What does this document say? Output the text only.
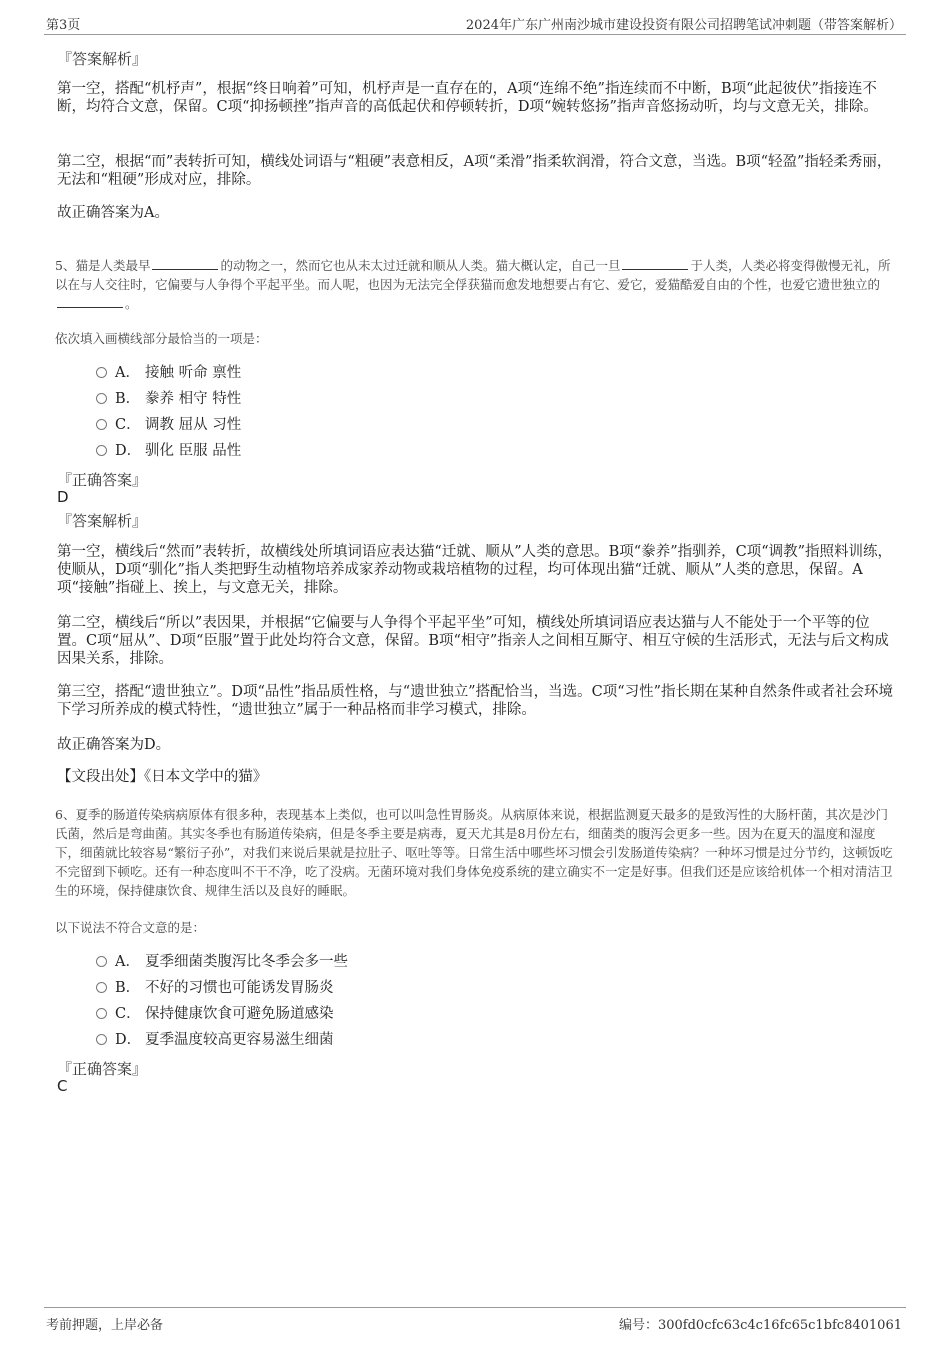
第3页	2024年广东广州南沙城市建设投资有限公司招聘笔试冲刺题（带答案解析）
『答案解析』

第一空，搭配“机杼声”，根据“终日响着”可知，机杼声是一直存在的，A项“连绵不绝”指连续而不中断，B项“此起彼伏”指接连不断，均符合文意，保留。C项“抑扬顿挫”指声音的高低起伏和停顿转折，D项“婉转悠扬”指声音悠扬动听，均与文意无关，排除。

第二空，根据“而”表转折可知，横线处词语与“粗硬”表意相反，A项“柔滑”指柔软润滑，符合文意，当选。B项“轻盈”指轻柔秀丽，无法和“粗硬”形成对应，排除。

故正确答案为A。

5、猫是人类最早	的动物之一，然而它也从未太过迁就和顺从人类。猫大概认定，自己一旦	于人类，人类必将变得傲慢无礼，所以在与人交往时，它偏要与人争得个平起平坐。而人呢，也因为无法完全俘获猫而愈发地想要占有它、爱它，爱猫酷爱自由的个性，也爱它遗世独立的。

依次填入画横线部分最恰当的一项是：

A． 接触 听命 禀性
B． 豢养 相守 特性
C． 调教 屈从 习性
D． 驯化 臣服 品性
『正确答案』
D
『答案解析』

第一空，横线后“然而”表转折，故横线处所填词语应表达猫“迁就、顺从”人类的意思。B项“豢养”指驯养，C项“调教”指照料训练，使顺从，D项“驯化”指人类把野生动植物培养成家养动物或栽培植物的过程，均可体现出猫“迁就、顺从”人类的意思，保留。A项“接触”指碰上、挨上，与文意无关，排除。

第二空，横线后“所以”表因果，并根据“它偏要与人争得个平起平坐”可知，横线处所填词语应表达猫与人不能处于一个平等的位置。C项“屈从”、D项“臣服”置于此处均符合文意，保留。B项“相守”指亲人之间相互厮守、相互守候的生活形式，无法与后文构成因果关系，排除。

第三空，搭配“遗世独立”。D项“品性”指品质性格，与“遗世独立”搭配恰当，当选。C项“习性”指长期在某种自然条件或者社会环境下学习所养成的模式特性，“遗世独立”属于一种品格而非学习模式，排除。

故正确答案为D。

【文段出处】《日本文学中的猫》

6、夏季的肠道传染病病原体有很多种，表现基本上类似，也可以叫急性胃肠炎。从病原体来说，根据监测夏天最多的是致泻性的大肠杆菌，其次是沙门氏菌，然后是弯曲菌。其实冬季也有肠道传染病，但是冬季主要是病毒，夏天尤其是8月份左右，细菌类的腹泻会更多一些。因为在夏天的温度和湿度下，细菌就比较容易“繁衍子孙”，对我们来说后果就是拉肚子、呕吐等等。日常生活中哪些坏习惯会引发肠道传染病？一种坏习惯是过分节约，这顿饭吃不完留到下顿吃。还有一种态度叫不干不净，吃了没病。无菌环境对我们身体免疫系统的建立确实不一定是好事。但我们还是应该给机体一个相对清洁卫生的环境，保持健康饮食、规律生活以及良好的睡眠。

以下说法不符合文意的是：

A． 夏季细菌类腹泻比冬季会多一些
B． 不好的习惯也可能诱发胃肠炎
C． 保持健康饮食可避免肠道感染
D． 夏季温度较高更容易滋生细菌
『正确答案』
C
考前押题，上岸必备	编号：300fd0cfc63c4c16fc65c1bfc8401061
